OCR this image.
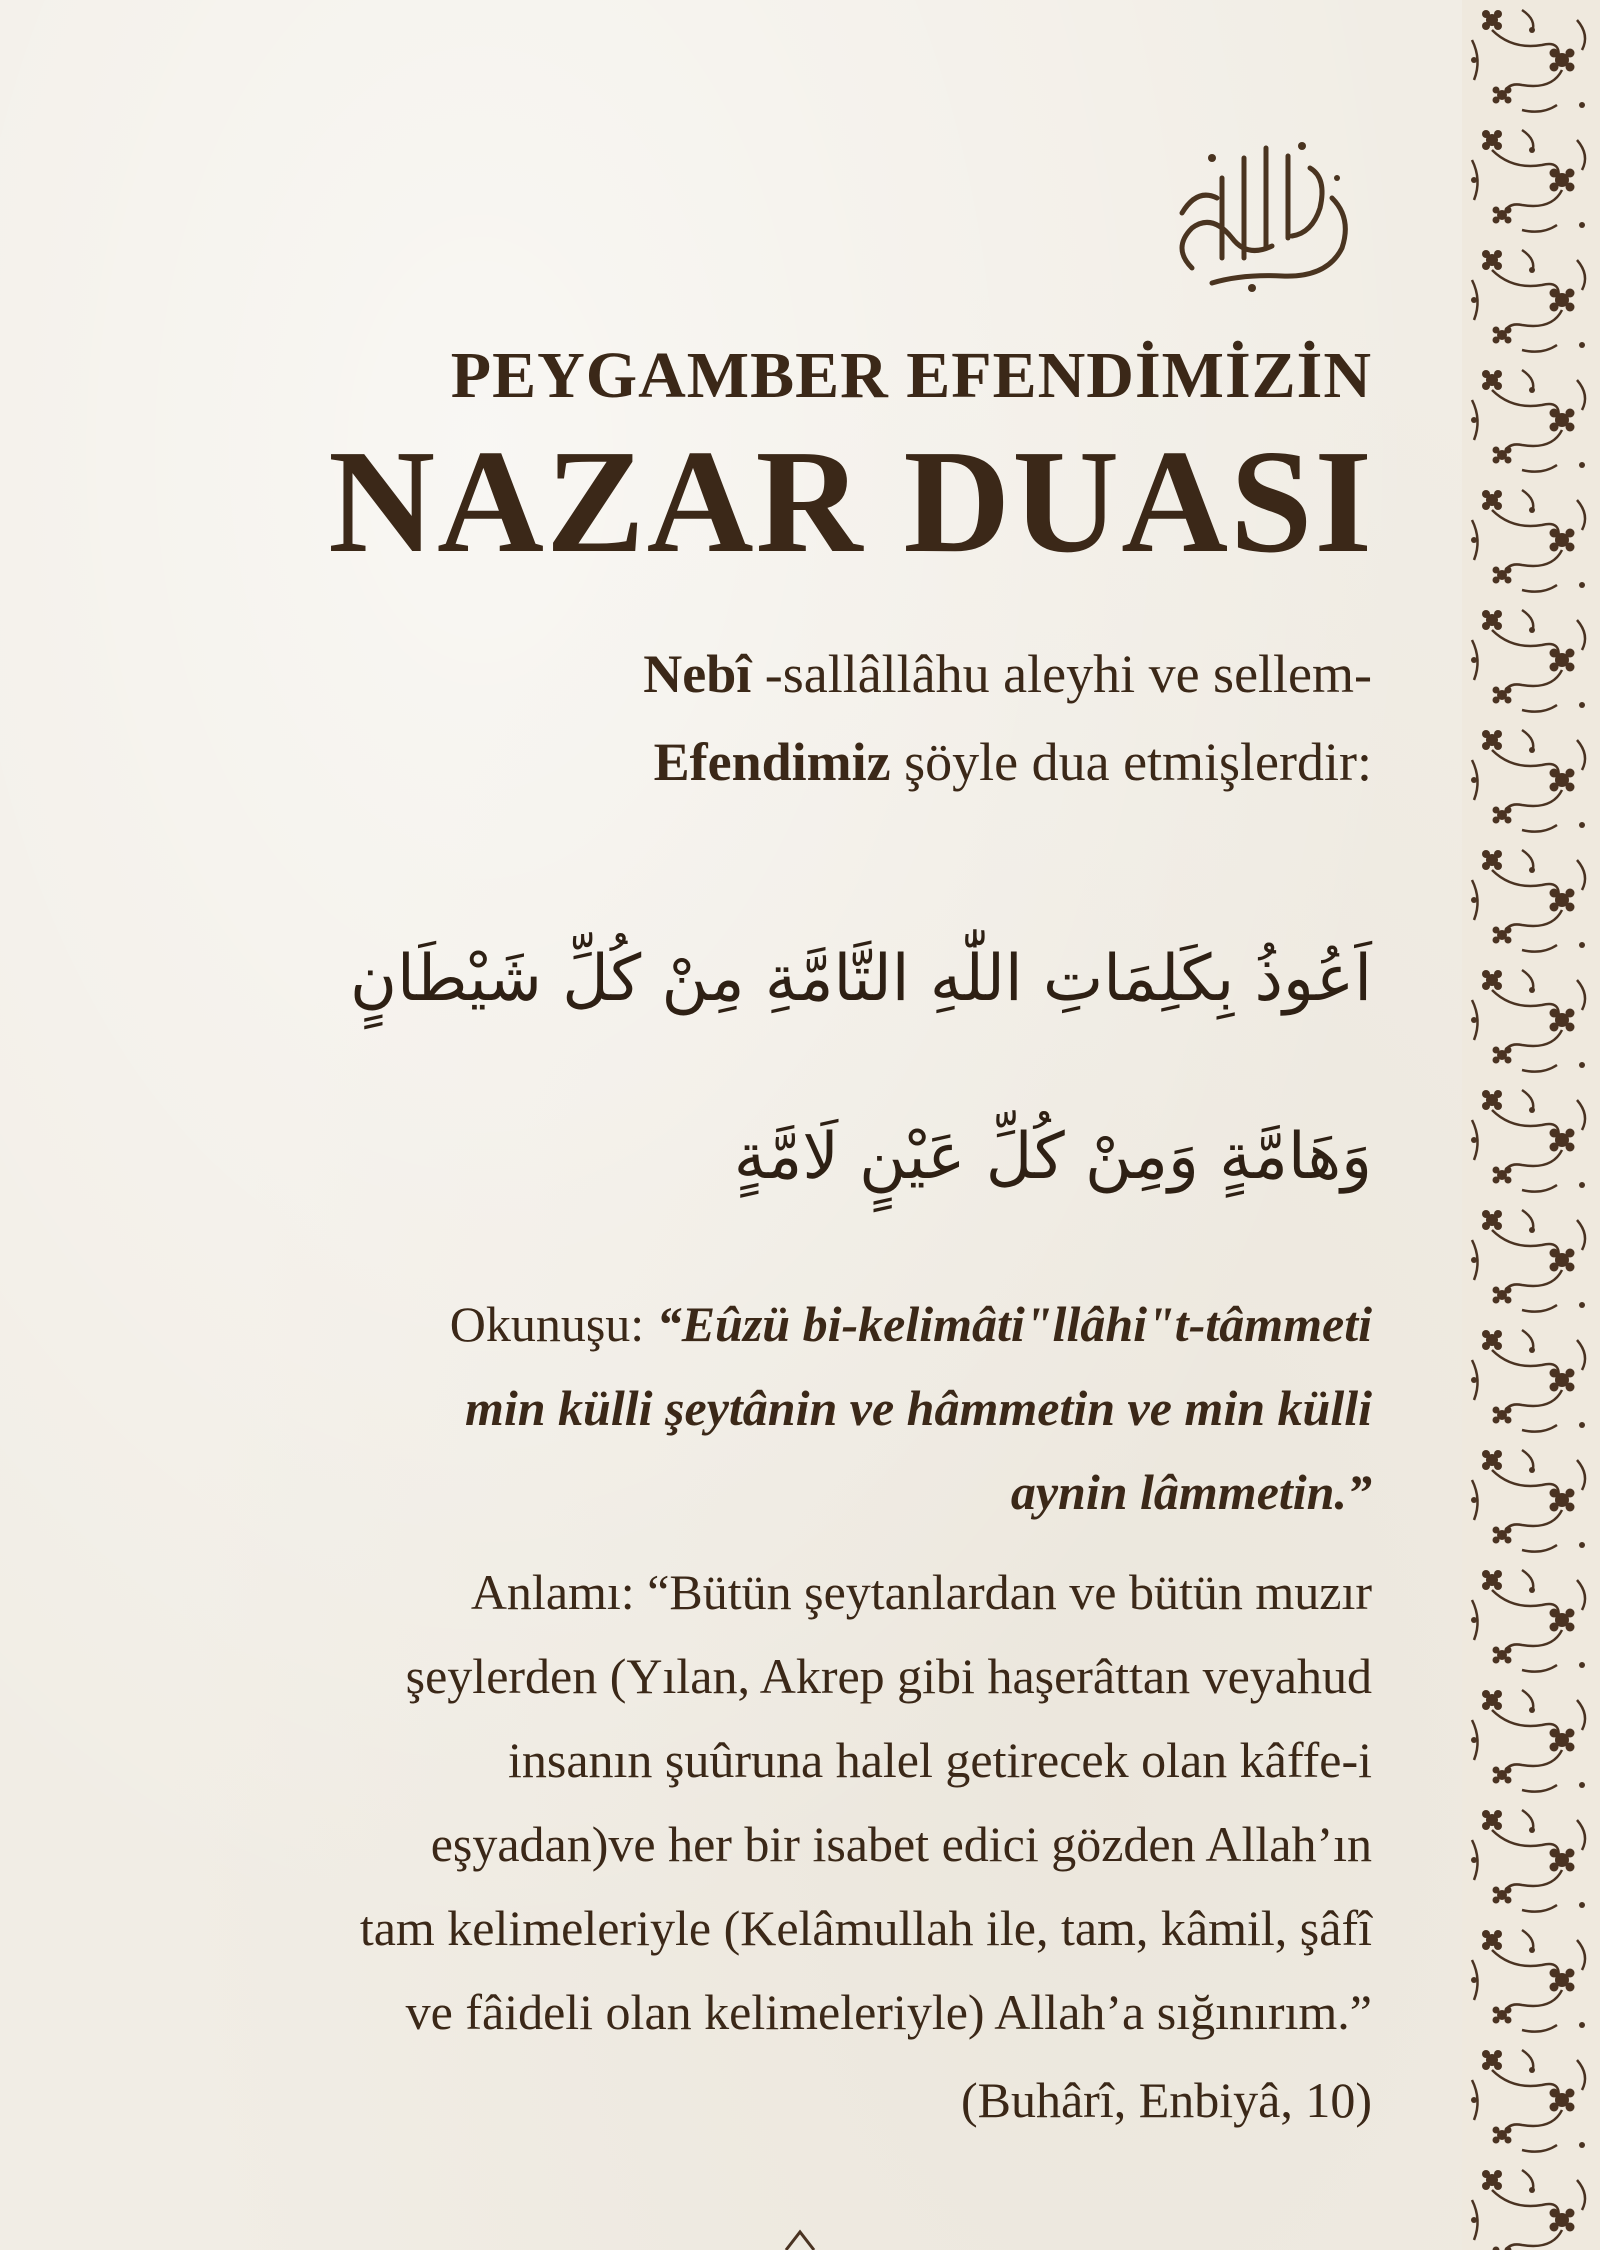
PEYGAMBER EFENDİMİZİN
NAZAR DUASI
Nebî -sallâllâhu aleyhi ve sellem-
Efendimiz şöyle dua etmişlerdir:
اَعُوذُ بِكَلِمَاتِ اللّٰهِ التَّامَّةِ مِنْ كُلِّ شَيْطَانٍ
وَهَامَّةٍ وَمِنْ كُلِّ عَيْنٍ لَامَّةٍ
Okunuşu: “Eûzü bi-kelimâti"llâhi"t-tâmmeti
min külli şeytânin ve hâmmetin ve min külli
aynin lâmmetin.”
Anlamı: “Bütün şeytanlardan ve bütün muzır
şeylerden (Yılan, Akrep gibi haşerâttan veyahud
insanın şuûruna halel getirecek olan kâffe-i
eşyadan)ve her bir isabet edici gözden Allah’ın
tam kelimeleriyle (Kelâmullah ile, tam, kâmil, şâfî
ve fâideli olan kelimeleriyle) Allah’a sığınırım.”
(Buhârî, Enbiyâ, 10)
